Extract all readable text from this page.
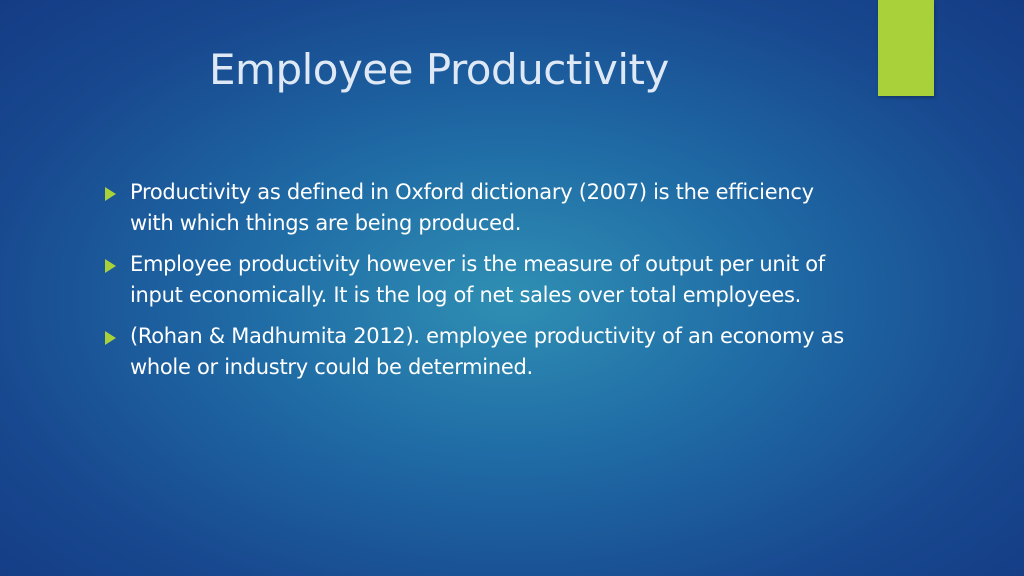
Employee Productivity
Productivity as defined in Oxford dictionary (2007) is the efficiency with which things are being produced.
Employee productivity however is the measure of output per unit of input economically. It is the log of net sales over total employees.
(Rohan & Madhumita 2012). employee productivity of an economy as whole or industry could be determined.
